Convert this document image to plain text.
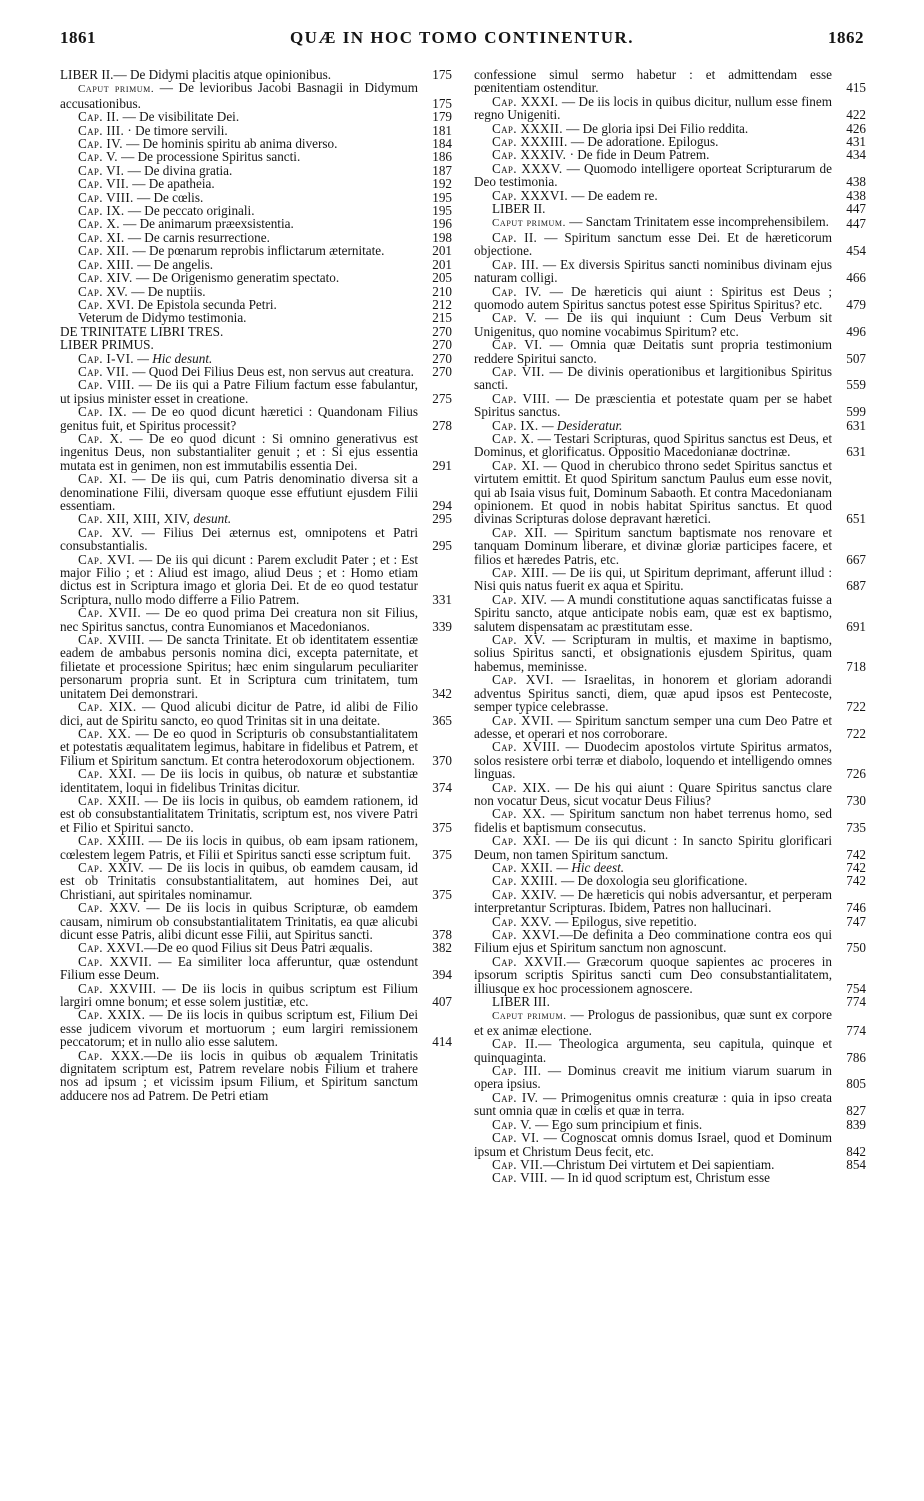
1861	QUÆ IN HOC TOMO CONTINENTUR.	1862
LIBER II.— De Didymi placitis atque opinionibus.	175
Caput primum. — De levioribus Jacobi Basnagii in Didymum accusationibus.	175
Cap. II. — De visibilitate Dei.	179
Cap. III. · De timore servili.	181
Cap. IV. — De hominis spiritu ab anima diverso.	184
Cap. V. — De processione Spiritus sancti.	186
Cap. VI. — De divina gratia.	187
Cap. VII. — De apatheia.	192
Cap. VIII. — De cœlis.	195
Cap. IX. — De peccato originali.	195
Cap. X. — De animarum præexsistentia.	196
Cap. XI. — De carnis resurrectione.	198
Cap. XII. — De pœnarum reprobis inflictarum æternitate.	201
Cap. XIII. — De angelis.	201
Cap. XIV. — De Origenismo generatim spectato.	205
Cap. XV. — De nuptiis.	210
Cap. XVI. De Epistola secunda Petri.	212
Veterum de Didymo testimonia.	215
DE TRINITATE LIBRI TRES.	270
LIBER PRIMUS.	270
Cap. I-VI. — Hic desunt.	270
Cap. VII. — Quod Dei Filius Deus est, non servus aut creatura. 270
Cap. VIII. — De iis qui a Patre Filium factum esse fabulantur, ut ipsius minister esset in creatione.	275
Cap. IX. — De eo quod dicunt hæretici : Quandonam Filius genitus fuit, et Spiritus processit?	278
Cap. X. — De eo quod dicunt : Si omnino generativus est ingenitus Deus, non substantialiter genuit ; et : Si ejus essentia mutata est in genimen, non est immutabilis essentia Dei.	291
Cap. XI. — De iis qui, cum Patris denominatio diversa sit a denominatione Filii, diversam quoque esse effutiunt ejusdem Filii essentiam.	294
Cap. XII, XIII, XIV, desunt.	295
Cap. XV. — Filius Dei æternus est, omnipotens et Patri consubstantialis.	295
Cap. XVI. — De iis qui dicunt : Parem excludit Pater ; et : Est major Filio ; et : Aliud est imago, aliud Deus ; et : Homo etiam dictus est in Scriptura imago et gloria Dei. Et de eo quod testatur Scriptura, nullo modo differre a Filio Patrem.	331
Cap. XVII. — De eo quod prima Dei creatura non sit Filius, nec Spiritus sanctus, contra Eunomianos et Macedonianos.	339
Cap. XVIII. — De sancta Trinitate. Et ob identitatem essentiæ eadem de ambabus personis nomina dici, excepta paternitate, et filietate et processione Spiritus; hæc enim singularum peculiariter personarum propria sunt. Et in Scriptura cum trinitatem, tum unitatem Dei demonstrari.	342
Cap. XIX. — Quod alicubi dicitur de Patre, id alibi de Filio dici, aut de Spiritu sancto, eo quod Trinitas sit in una deitate.	365
Cap. XX. — De eo quod in Scripturis ob consubstantialitatem et potestatis æqualitatem legimus, habitare in fidelibus et Patrem, et Filium et Spiritum sanctum. Et contra heterodoxorum objectionem. 370
Cap. XXI. — De iis locis in quibus, ob naturæ et substantiæ identitatem, loqui in fidelibus Trinitas dicitur.	374
Cap. XXII. — De iis locis in quibus, ob eamdem rationem, id est ob consubstantialitatem Trinitatis, scriptum est, nos vivere Patri et Filio et Spiritui sancto.	375
Cap. XXIII. — De iis locis in quibus, ob eam ipsam rationem, cœlestem legem Patris, et Filii et Spiritus sancti esse scriptum fuit. 375
Cap. XXIV. — De iis locis in quibus, ob eamdem causam, id est ob Trinitatis consubstantialitatem, aut homines Dei, aut Christiani, aut spiritales nominamur.	375
Cap. XXV. — De iis locis in quibus Scripturæ, ob eamdem causam, nimirum ob consubstantialitatem Trinitatis, ea quæ alicubi dicunt esse Patris, alibi dicunt esse Filii, aut Spiritus sancti.	378
Cap. XXVI.—De eo quod Filius sit Deus Patri æqualis.	382
Cap. XXVII. — Ea similiter loca afferuntur, quæ ostendunt Filium esse Deum.	394
Cap. XXVIII. — De iis locis in quibus scriptum est Filium largiri omne bonum; et esse solem justitiæ, etc.	407
Cap. XXIX. — De iis locis in quibus scriptum est, Filium Dei esse judicem vivorum et mortuorum ; eum largiri remissionem peccatorum; et in nullo alio esse salutem.	414
Cap. XXX.—De iis locis in quibus ob æqualem Trinitatis dignitatem scriptum est, Patrem revelare nobis Filium et trahere nos ad ipsum ; et vicissim ipsum Filium, et Spiritum sanctum adducere nos ad Patrem. De Petri etiam
confessione simul sermo habetur : et admittendam esse pœnitentiam ostenditur.	415
Cap. XXXI. — De iis locis in quibus dicitur, nullum esse finem regno Unigeniti.	422
Cap. XXXII. — De gloria ipsi Dei Filio reddita.	426
Cap. XXXIII. — De adoratione. Epilogus.	431
Cap. XXXIV. · De fide in Deum Patrem.	434
Cap. XXXV. — Quomodo intelligere oporteat Scripturarum de Deo testimonia.	438
Cap. XXXVI. — De eadem re.	438
LIBER II.	447
Caput primum. — Sanctam Trinitatem esse incomprehensibilem. 447
Cap. II. — Spiritum sanctum esse Dei. Et de hæreticorum objectione.	454
Cap. III. — Ex diversis Spiritus sancti nominibus divinam ejus naturam colligi.	466
Cap. IV. — De hæreticis qui aiunt : Spiritus est Deus ; quomodo autem Spiritus sanctus potest esse Spiritus Spiritus? etc. 479
Cap. V. — De iis qui inquiunt : Cum Deus Verbum sit Unigenitus, quo nomine vocabimus Spiritum? etc.	496
Cap. VI. — Omnia quæ Deitatis sunt propria testimonium reddere Spiritui sancto.	507
Cap. VII. — De divinis operationibus et largitionibus Spiritus sancti.	559
Cap. VIII. — De præscientia et potestate quam per se habet Spiritus sanctus.	599
Cap. IX. — Desideratur.	631
Cap. X. — Testari Scripturas, quod Spiritus sanctus est Deus, et Dominus, et glorificatus. Oppositio Macedonianæ doctrinæ.	631
Cap. XI. — Quod in cherubico throno sedet Spiritus sanctus et virtutem emittit. Et quod Spiritum sanctum Paulus eum esse novit, qui ab Isaia visus fuit, Dominum Sabaoth. Et contra Macedonianam opinionem. Et quod in nobis habitat Spiritus sanctus. Et quod divinas Scripturas dolose depravant hæretici.	651
Cap. XII. — Spiritum sanctum baptismate nos renovare et tanquam Dominum liberare, et divinæ gloriæ participes facere, et filios et hæredes Patris, etc.	667
Cap. XIII. — De iis qui, ut Spiritum deprimant, afferunt illud : Nisi quis natus fuerit ex aqua et Spiritu.	687
Cap. XIV. — A mundi constitutione aquas sanctificatas fuisse a Spiritu sancto, atque anticipate nobis eam, quæ est ex baptismo, salutem dispensatam ac præstitutam esse.	691
Cap. XV. — Scripturam in multis, et maxime in baptismo, solius Spiritus sancti, et obsignationis ejusdem Spiritus, quam habemus, meminisse.	718
Cap. XVI. — Israelitas, in honorem et gloriam adorandi adventus Spiritus sancti, diem, quæ apud ipsos est Pentecoste, semper typice celebrasse.	722
Cap. XVII. — Spiritum sanctum semper una cum Deo Patre et adesse, et operari et nos corroborare.	722
Cap. XVIII. — Duodecim apostolos virtute Spiritus armatos, solos resistere orbi terræ et diabolo, loquendo et intelligendo omnes linguas.	726
Cap. XIX. — De his qui aiunt : Quare Spiritus sanctus clare non vocatur Deus, sicut vocatur Deus Filius?	730
Cap. XX. — Spiritum sanctum non habet terrenus homo, sed fidelis et baptismum consecutus.	735
Cap. XXI. — De iis qui dicunt : In sancto Spiritu glorificari Deum, non tamen Spiritum sanctum.	742
Cap. XXII. — Hic deest.	742
Cap. XXIII. — De doxologia seu glorificatione.	742
Cap. XXIV. — De hæreticis qui nobis adversantur, et perperam interpretantur Scripturas. Ibidem, Patres non hallucinari.	746
Cap. XXV. — Epilogus, sive repetitio.	747
Cap. XXVI.—De definita a Deo comminatione contra eos qui Filium ejus et Spiritum sanctum non agnoscunt.	750
Cap. XXVII.— Græcorum quoque sapientes ac proceres in ipsorum scriptis Spiritus sancti cum Deo consubstantialitatem, illiusque ex hoc processionem agnoscere.	754
LIBER III.	774
Caput primum. — Prologus de passionibus, quæ sunt ex corpore et ex animæ electione.	774
Cap. II.— Theologica argumenta, seu capitula, quinque et quinquaginta.	786
Cap. III. — Dominus creavit me initium viarum suarum in opera ipsius.	805
Cap. IV. — Primogenitus omnis creaturæ : quia in ipso creata sunt omnia quæ in cœlis et quæ in terra.	827
Cap. V. — Ego sum principium et finis.	839
Cap. VI. — Cognoscat omnis domus Israel, quod et Dominum ipsum et Christum Deus fecit, etc.	842
Cap. VII.—Christum Dei virtutem et Dei sapientiam.	854
Cap. VIII. — In id quod scriptum est, Christum esse
